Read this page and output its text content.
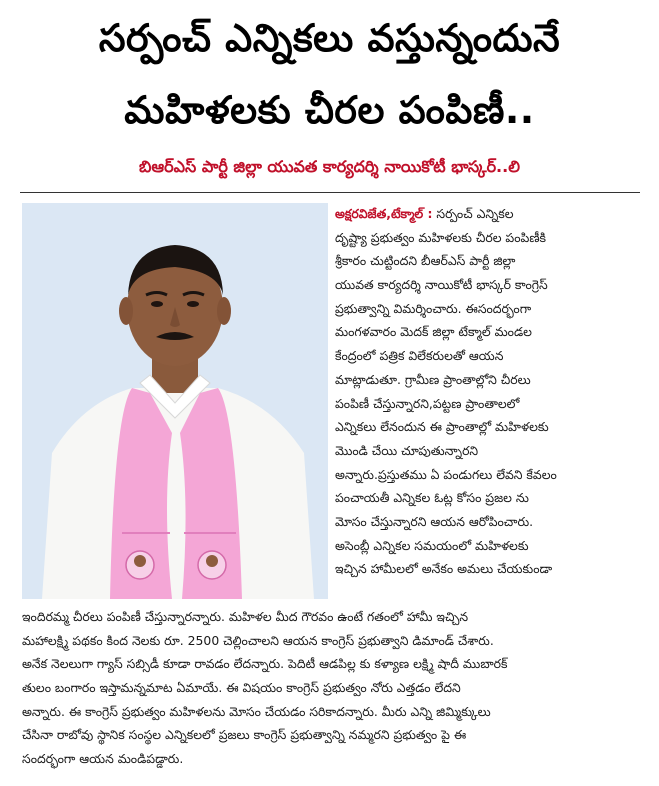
సర్పంచ్ ఎన్నికలు వస్తున్నందునే
మహిళలకు చీరల పంపిణీ..
బిఆర్ఎస్ పార్టీ జిల్లా యువత కార్యదర్శి నాయికోటీ భాస్కర్..లి
అక్షరవిజేత,టేక్మాల్ : సర్పంచ్ ఎన్నికల
దృష్ట్యా ప్రభుత్వం మహిళలకు చీరల పంపిణీకి
శ్రీకారం చుట్టిందని బీఆర్ఎస్ పార్టీ జిల్లా
యువత కార్యదర్శి నాయికోటీ భాస్కర్ కాంగ్రెస్
ప్రభుత్వాన్ని విమర్శించారు. ఈసందర్భంగా
మంగళవారం మెదక్ జిల్లా టేక్మాల్ మండల
కేంద్రంలో పత్రిక విలేకరులతో ఆయన
మాట్లాడుతూ. గ్రామీణ ప్రాంతాల్లోని చీరలు
పంపిణీ చేస్తున్నారని,పట్టణ ప్రాంతాలలో
ఎన్నికలు లేనందున ఈ ప్రాంతాల్లో మహిళలకు
మొండి చేయి చూపుతున్నారని
అన్నారు.ప్రస్తుతము ఏ పండుగలు లేవని కేవలం
పంచాయతీ ఎన్నికల ఓట్ల కోసం ప్రజల ను
మోసం చేస్తున్నారని ఆయన ఆరోపించారు.
అసెంబ్లీ ఎన్నికల సమయంలో మహిళలకు
ఇచ్చిన హామీలలో అనేకం అమలు చేయకుండా
ఇందిరమ్మ చీరలు పంపిణీ చేస్తున్నారన్నారు. మహిళల మీద గౌరవం ఉంటే గతంలో హామీ ఇచ్చిన
మహాలక్ష్మి పథకం కింద నెలకు రూ. 2500 చెల్లించాలని ఆయన కాంగ్రెస్ ప్రభుత్వాని డిమాండ్ చేశారు.
అనేక నెలలుగా గ్యాస్ సబ్సిడీ కూడా రావడం లేదన్నారు. పెదిటీ ఆడపిల్ల కు కళ్యాణ లక్ష్మి షాదీ ముబారక్
తులం బంగారం ఇస్తామన్నమాట ఏమాయే. ఈ విషయం కాంగ్రెస్ ప్రభుత్వం నోరు ఎత్తడం లేదని
అన్నారు. ఈ కాంగ్రెస్ ప్రభుత్వం మహిళలను మోసం చేయడం సరికాదన్నారు. మీరు ఎన్ని జిమ్మిక్కులు
చేసినా రాబోవు స్థానిక సంస్థల ఎన్నికలలో ప్రజలు కాంగ్రెస్ ప్రభుత్వాన్ని నమ్మరని ప్రభుత్వం పై ఈ
సందర్భంగా ఆయన మండిపడ్డారు.
